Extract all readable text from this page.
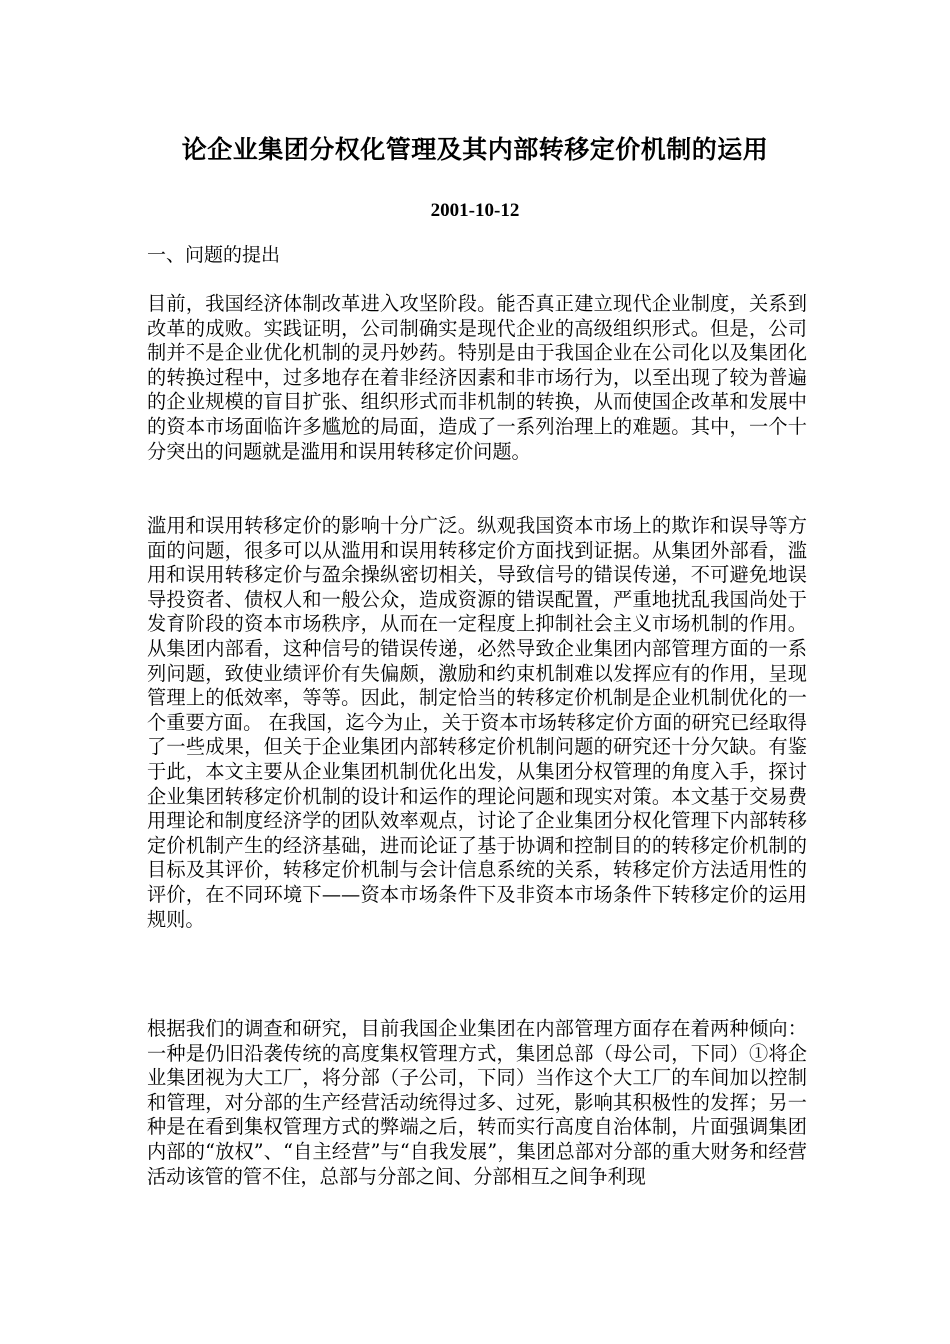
论企业集团分权化管理及其内部转移定价机制的运用
2001-10-12
一、问题的提出

目前，我国经济体制改革进入攻坚阶段。能否真正建立现代企业制度，关系到改革的成败。实践证明，公司制确实是现代企业的高级组织形式。但是，公司制并不是企业优化机制的灵丹妙药。特别是由于我国企业在公司化以及集团化的转换过程中，过多地存在着非经济因素和非市场行为，以至出现了较为普遍的企业规模的盲目扩张、组织形式而非机制的转换，从而使国企改革和发展中的资本市场面临许多尴尬的局面，造成了一系列治理上的难题。其中，一个十分突出的问题就是滥用和误用转移定价问题。

滥用和误用转移定价的影响十分广泛。纵观我国资本市场上的欺诈和误导等方面的问题，很多可以从滥用和误用转移定价方面找到证据。从集团外部看，滥用和误用转移定价与盈余操纵密切相关，导致信号的错误传递，不可避免地误导投资者、债权人和一般公众，造成资源的错误配置，严重地扰乱我国尚处于发育阶段的资本市场秩序，从而在一定程度上抑制社会主义市场机制的作用。从集团内部看，这种信号的错误传递，必然导致企业集团内部管理方面的一系列问题，致使业绩评价有失偏颇，激励和约束机制难以发挥应有的作用，呈现管理上的低效率，等等。因此，制定恰当的转移定价机制是企业机制优化的一个重要方面。 在我国，迄今为止，关于资本市场转移定价方面的研究已经取得了一些成果，但关于企业集团内部转移定价机制问题的研究还十分欠缺。有鉴于此，本文主要从企业集团机制优化出发，从集团分权管理的角度入手，探讨企业集团转移定价机制的设计和运作的理论问题和现实对策。本文基于交易费用理论和制度经济学的团队效率观点，讨论了企业集团分权化管理下内部转移定价机制产生的经济基础，进而论证了基于协调和控制目的的转移定价机制的目标及其评价，转移定价机制与会计信息系统的关系，转移定价方法适用性的评价，在不同环境下——资本市场条件下及非资本市场条件下转移定价的运用规则。

根据我们的调查和研究，目前我国企业集团在内部管理方面存在着两种倾向：一种是仍旧沿袭传统的高度集权管理方式，集团总部（母公司，下同）①将企业集团视为大工厂，将分部（子公司，下同）当作这个大工厂的车间加以控制和管理，对分部的生产经营活动统得过多、过死，影响其积极性的发挥；另一种是在看到集权管理方式的弊端之后，转而实行高度自治体制，片面强调集团内部的“放权”、“自主经营”与“自我发展”，集团总部对分部的重大财务和经营活动该管的管不住，总部与分部之间、分部相互之间争利现
